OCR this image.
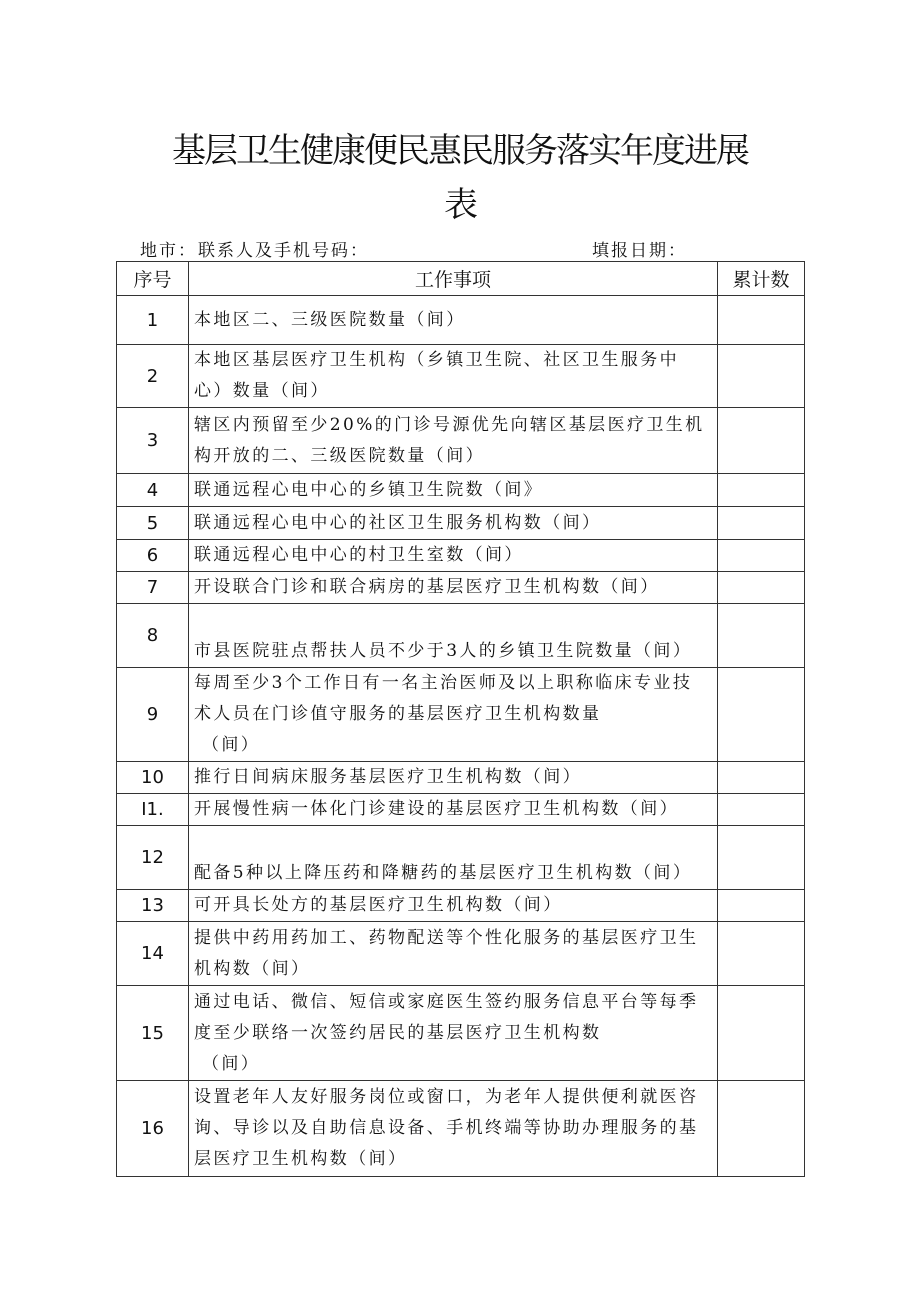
基层卫生健康便民惠民服务落实年度进展
表
地市： 联系人及手机号码：	填报日期：
序号	工作事项	累计数
1	本地区二、三级医院数量（间）	
2	本地区基层医疗卫生机构（乡镇卫生院、社区卫生服务中
心）数量（间）	
3	辖区内预留至少20%的门诊号源优先向辖区基层医疗卫生机
构开放的二、三级医院数量（间）	
4	联通远程心电中心的乡镇卫生院数（间》	
5	联通远程心电中心的社区卫生服务机构数（间）	
6	联通远程心电中心的村卫生室数（间）	
7	开设联合门诊和联合病房的基层医疗卫生机构数（间）	
8	市县医院驻点帮扶人员不少于3人的乡镇卫生院数量（间）	
9	每周至少3个工作日有一名主治医师及以上职称临床专业技
术人员在门诊值守服务的基层医疗卫生机构数量
（间）	

10	推行日间病床服务基层医疗卫生机构数（间）	
I1.	开展慢性病一体化门诊建设的基层医疗卫生机构数（间）	
12	配备5种以上降压药和降糖药的基层医疗卫生机构数（间）	
13	可开具长处方的基层医疗卫生机构数（间）	
14	提供中药用药加工、药物配送等个性化服务的基层医疗卫生
机构数（间）	
15	通过电话、微信、短信或家庭医生签约服务信息平台等每季
度至少联络一次签约居民的基层医疗卫生机构数
（间）	

16	设置老年人友好服务岗位或窗口，为老年人提供便利就医咨
询、导诊以及自助信息设备、手机终端等协助办理服务的基
层医疗卫生机构数（间）	
